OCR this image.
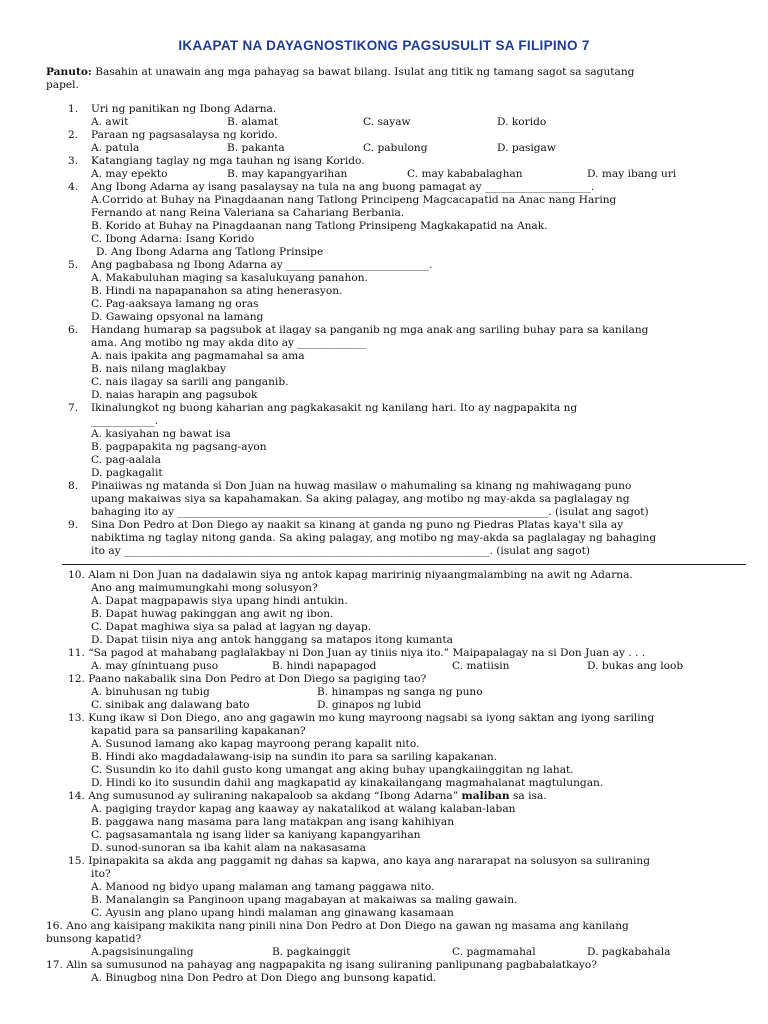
IKAAPAT NA DAYAGNOSTIKONG PAGSUSULIT SA FILIPINO 7
Panuto: Basahin at unawain ang mga pahayag sa bawat bilang. Isulat ang titik ng tamang sagot sa sagutang
papel.
1. Uri ng panitikan ng Ibong Adarna.
A. awit	B. alamat	C. sayaw	D. korido
2. Paraan ng pagsasalaysa ng korido.
A. patula	B. pakanta	C. pabulong	D. pasigaw
3. Katangiang taglay ng mga tauhan ng isang Korido.
A. may epekto	B. may kapangyarihan	C. may kababalaghan	D. may ibang uri
4. Ang Ibong Adarna ay isang pasalaysay na tula na ang buong pamagat ay ____________________.
A.Corrido at Buhay na Pinagdaanan nang Tatlong Principeng Magcacapatid na Anac nang Haring
Fernando at nang Reina Valeriana sa Cahariang Berbania.
B. Korido at Buhay na Pinagdaanan nang Tatlong Prinsipeng Magkakapatid na Anak.
C. Ibong Adarna: Isang Korido
D. Ang Ibong Adarna ang Tatlong Prinsipe
5. Ang pagbabasa ng Ibong Adarna ay ___________________________.
A. Makabuluhan maging sa kasalukuyang panahon.
B. Hindi na napapanahon sa ating henerasyon.
C. Pag-aaksaya lamang ng oras
D. Gawaing opsyonal na lamang
6. Handang humarap sa pagsubok at ilagay sa panganib ng mga anak ang sariling buhay para sa kanilang
ama. Ang motibo ng may akda dito ay _____________
A. nais ipakita ang pagmamahal sa ama
B. nais nilang maglakbay
C. nais ilagay sa sarili ang panganib.
D. naias harapin ang pagsubok
7. Ikinalungkot ng buong kaharian ang pagkakasakit ng kanilang hari. Ito ay nagpapakita ng
____________.
A. kasiyahan ng bawat isa
B. pagpapakita ng pagsang-ayon
C. pag-aalala
D. pagkagalit
8. Pinaiiwas ng matanda si Don Juan na huwag masilaw o mahumaling sa kinang ng mahiwagang puno
upang makaiwas siya sa kapahamakan. Sa aking palagay, ang motibo ng may-akda sa paglalagay ng
bahaging ito ay ______________________________________________________________________. (isulat ang sagot)
9. Sina Don Pedro at Don Diego ay naakit sa kinang at ganda ng puno ng Piedras Platas kaya't sila ay
nabiktima ng taglay nitong ganda. Sa aking palagay, ang motibo ng may-akda sa paglalagay ng bahaging
ito ay _____________________________________________________________________. (isulat ang sagot)
10. Alam ni Don Juan na dadalawin siya ng antok kapag maririnig niyaangmalambing na awit ng Adarna.
Ano ang maimumungkahi mong solusyon?
A. Dapat magpapawis siya upang hindi antukin.
B. Dapat huwag pakinggan ang awit ng ibon.
C. Dapat maghiwa siya sa palad at lagyan ng dayap.
D. Dapat tiisin niya ang antok hanggang sa matapos itong kumanta
11. “Sa pagod at mahabang paglalakbay ni Don Juan ay tiniis niya ito.” Maipapalagay na si Don Juan ay . . .
A. may gínintuang puso	B. hindi napapagod	C. matiisin	D. bukas ang loob
12. Paano nakabalik sina Don Pedro at Don Diego sa pagiging tao?
A. binuhusan ng tubig	B. hinampas ng sanga ng puno
C. sinibak ang dalawang bato	D. ginapos ng lubid
13. Kung ikaw si Don Diego, ano ang gagawin mo kung mayroong nagsabi sa iyong saktan ang iyong sariling
kapatid para sa pansariling kapakanan?
A. Susunod lamang ako kapag mayroong perang kapalit nito.
B. Hindi ako magdadalawang-isip na sundin ito para sa sariling kapakanan.
C. Susundin ko ito dahil gusto kong umangat ang aking buhay upangkaiinggitan ng lahat.
D. Hindi ko ito susundin dahil ang magkapatid ay kinakailangang magmahalanat magtulungan.
14. Ang sumusunod ay suliraning nakapaloob sa akdang “Ibong Adarna” maliban sa isa.
A. pagiging traydor kapag ang kaaway ay nakatalikod at walang kalaban-laban
B. paggawa nang masama para lang matakpan ang isang kahihiyan
C. pagsasamantala ng isang lider sa kaniyang kapangyarihan
D. sunod-sunoran sa iba kahit alam na nakasasama
15. Ipinapakita sa akda ang paggamit ng dahas sa kapwa, ano kaya ang nararapat na solusyon sa suliraning
ito?
A. Manood ng bidyo upang malaman ang tamang paggawa nito.
B. Manalangin sa Panginoon upang magabayan at makaiwas sa maling gawain.
C. Ayusin ang plano upang hindi malaman ang ginawang kasamaan
16. Ano ang kaisipang makikita nang pinili nina Don Pedro at Don Diego na gawan ng masama ang kanilang
bunsong kapatid?
A.pagsisinungaling	B. pagkainggit	C. pagmamahal	D. pagkabahala
17. Alin sa sumusunod na pahayag ang nagpapakita ng isang suliraning panlipunang pagbabalatkayo?
A. Binugbog nina Don Pedro at Don Diego ang bunsong kapatid.
